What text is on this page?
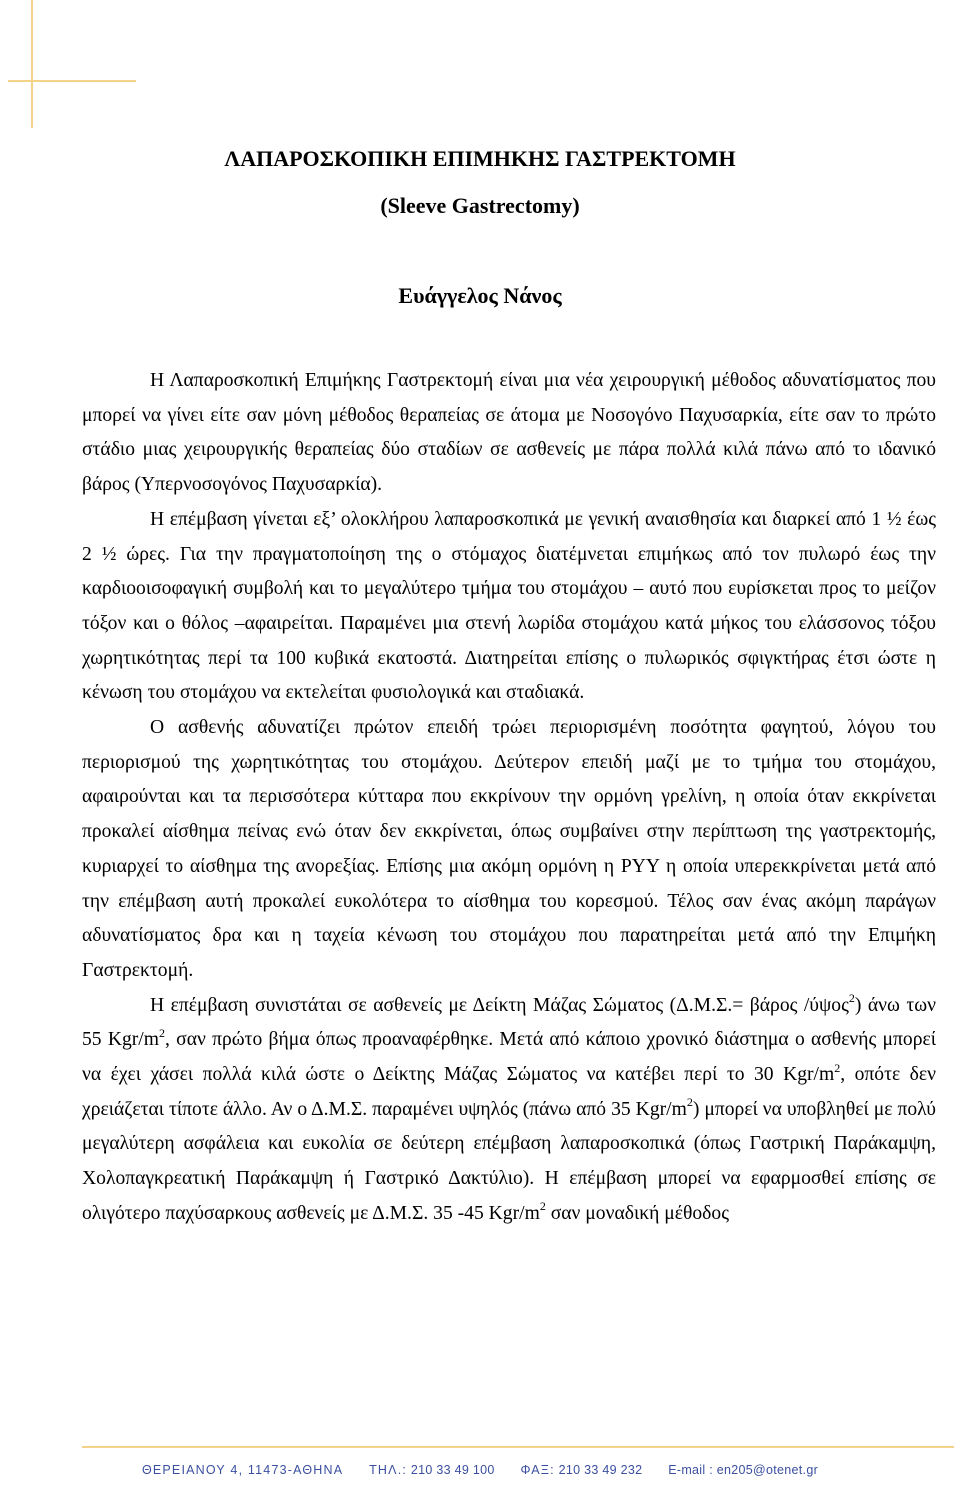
ΛΑΠΑΡΟΣΚΟΠΙΚΗ ΕΠΙΜΗΚΗΣ ΓΑΣΤΡΕΚΤΟΜΗ
(Sleeve Gastrectomy)
Ευάγγελος Νάνος

Η Λαπαροσκοπική Επιμήκης Γαστρεκτομή είναι μια νέα χειρουργική μέθοδος αδυνατίσματος που μπορεί να γίνει είτε σαν μόνη μέθοδος θεραπείας σε άτομα με Νοσογόνο Παχυσαρκία, είτε σαν το πρώτο στάδιο μιας χειρουργικής θεραπείας δύο σταδίων σε ασθενείς με πάρα πολλά κιλά πάνω από το ιδανικό βάρος (Υπερνοσογόνος Παχυσαρκία).

Η επέμβαση γίνεται εξ’ ολοκλήρου λαπαροσκοπικά με γενική αναισθησία και διαρκεί από 1 ½ έως 2 ½ ώρες. Για την πραγματοποίηση της ο στόμαχος διατέμνεται επιμήκως από τον πυλωρό έως την καρδιοοισοφαγική συμβολή και το μεγαλύτερο τμήμα του στομάχου – αυτό που ευρίσκεται προς το μείζον τόξον και ο θόλος –αφαιρείται. Παραμένει μια στενή λωρίδα στομάχου κατά μήκος του ελάσσονος τόξου χωρητικότητας περί τα 100 κυβικά εκατοστά. Διατηρείται επίσης ο πυλωρικός σφιγκτήρας έτσι ώστε η κένωση του στομάχου να εκτελείται φυσιολογικά και σταδιακά.

Ο ασθενής αδυνατίζει πρώτον επειδή τρώει περιορισμένη ποσότητα φαγητού, λόγου του περιορισμού της χωρητικότητας του στομάχου. Δεύτερον επειδή μαζί με το τμήμα του στομάχου, αφαιρούνται και τα περισσότερα κύτταρα που εκκρίνουν την ορμόνη γρελίνη, η οποία όταν εκκρίνεται προκαλεί αίσθημα πείνας ενώ όταν δεν εκκρίνεται, όπως συμβαίνει στην περίπτωση της γαστρεκτομής, κυριαρχεί το αίσθημα της ανορεξίας. Επίσης μια ακόμη ορμόνη η PYY η οποία υπερεκκρίνεται μετά από την επέμβαση αυτή προκαλεί ευκολότερα το αίσθημα του κορεσμού. Τέλος σαν ένας ακόμη παράγων αδυνατίσματος δρα και η ταχεία κένωση του στομάχου που παρατηρείται μετά από την Επιμήκη Γαστρεκτομή.

Η επέμβαση συνιστάται σε ασθενείς με Δείκτη Μάζας Σώματος (Δ.Μ.Σ.= βάρος /ύψος$^2$) άνω των 55 Kgr/$m^2$, σαν πρώτο βήμα όπως προαναφέρθηκε. Μετά από κάποιο χρονικό διάστημα ο ασθενής μπορεί να έχει χάσει πολλά κιλά ώστε ο Δείκτης Μάζας Σώματος να κατέβει περί το 30 Kgr/$m^2$, οπότε δεν χρειάζεται τίποτε άλλο. Αν ο Δ.Μ.Σ. παραμένει υψηλός (πάνω από 35 Kgr/$m^2$) μπορεί να υποβληθεί με πολύ μεγαλύτερη ασφάλεια και ευκολία σε δεύτερη επέμβαση λαπαροσκοπικά (όπως Γαστρική Παράκαμψη, Χολοπαγκρεατική Παράκαμψη ή Γαστρικό Δακτύλιο). Η επέμβαση μπορεί να εφαρμοσθεί επίσης σε ολιγότερο παχύσαρκους ασθενείς με Δ.Μ.Σ. 35 -45 Kgr/$m^2$ σαν μοναδική μέθοδος

ΘΕΡΕΙΑΝΟΥ 4, 11473-ΑΘΗΝΑ ΤΗΛ.: 210 33 49 100 ΦΑΞ: 210 33 49 232 E-mail : en205@otenet.gr
